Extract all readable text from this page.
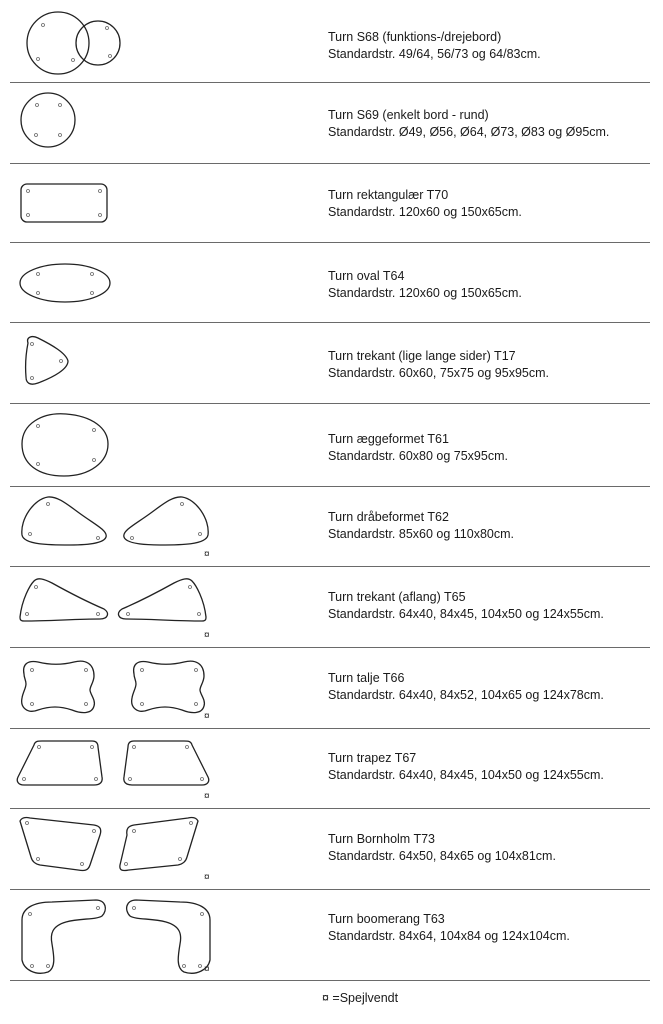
Turn S68 (funktions-/drejebord)
Standardstr. 49/64, 56/73 og 64/83cm.
Turn S69 (enkelt bord - rund)
Standardstr. Ø49, Ø56, Ø64, Ø73, Ø83 og Ø95cm.
Turn rektangulær T70
Standardstr. 120x60 og 150x65cm.
Turn oval T64
Standardstr. 120x60 og 150x65cm.
Turn trekant (lige lange sider) T17
Standardstr. 60x60, 75x75 og 95x95cm.
Turn æggeformet T61
Standardstr. 60x80 og 75x95cm.
¤
Turn dråbeformet T62
Standardstr. 85x60 og 110x80cm.
¤
Turn trekant (aflang) T65
Standardstr. 64x40, 84x45, 104x50 og 124x55cm.
¤
Turn talje T66
Standardstr. 64x40, 84x52, 104x65 og 124x78cm.
¤
Turn trapez T67
Standardstr. 64x40, 84x45, 104x50 og 124x55cm.
¤
Turn Bornholm T73
Standardstr. 64x50, 84x65 og 104x81cm.
¤
Turn boomerang T63
Standardstr. 84x64, 104x84 og 124x104cm.
¤ =Spejlvendt
